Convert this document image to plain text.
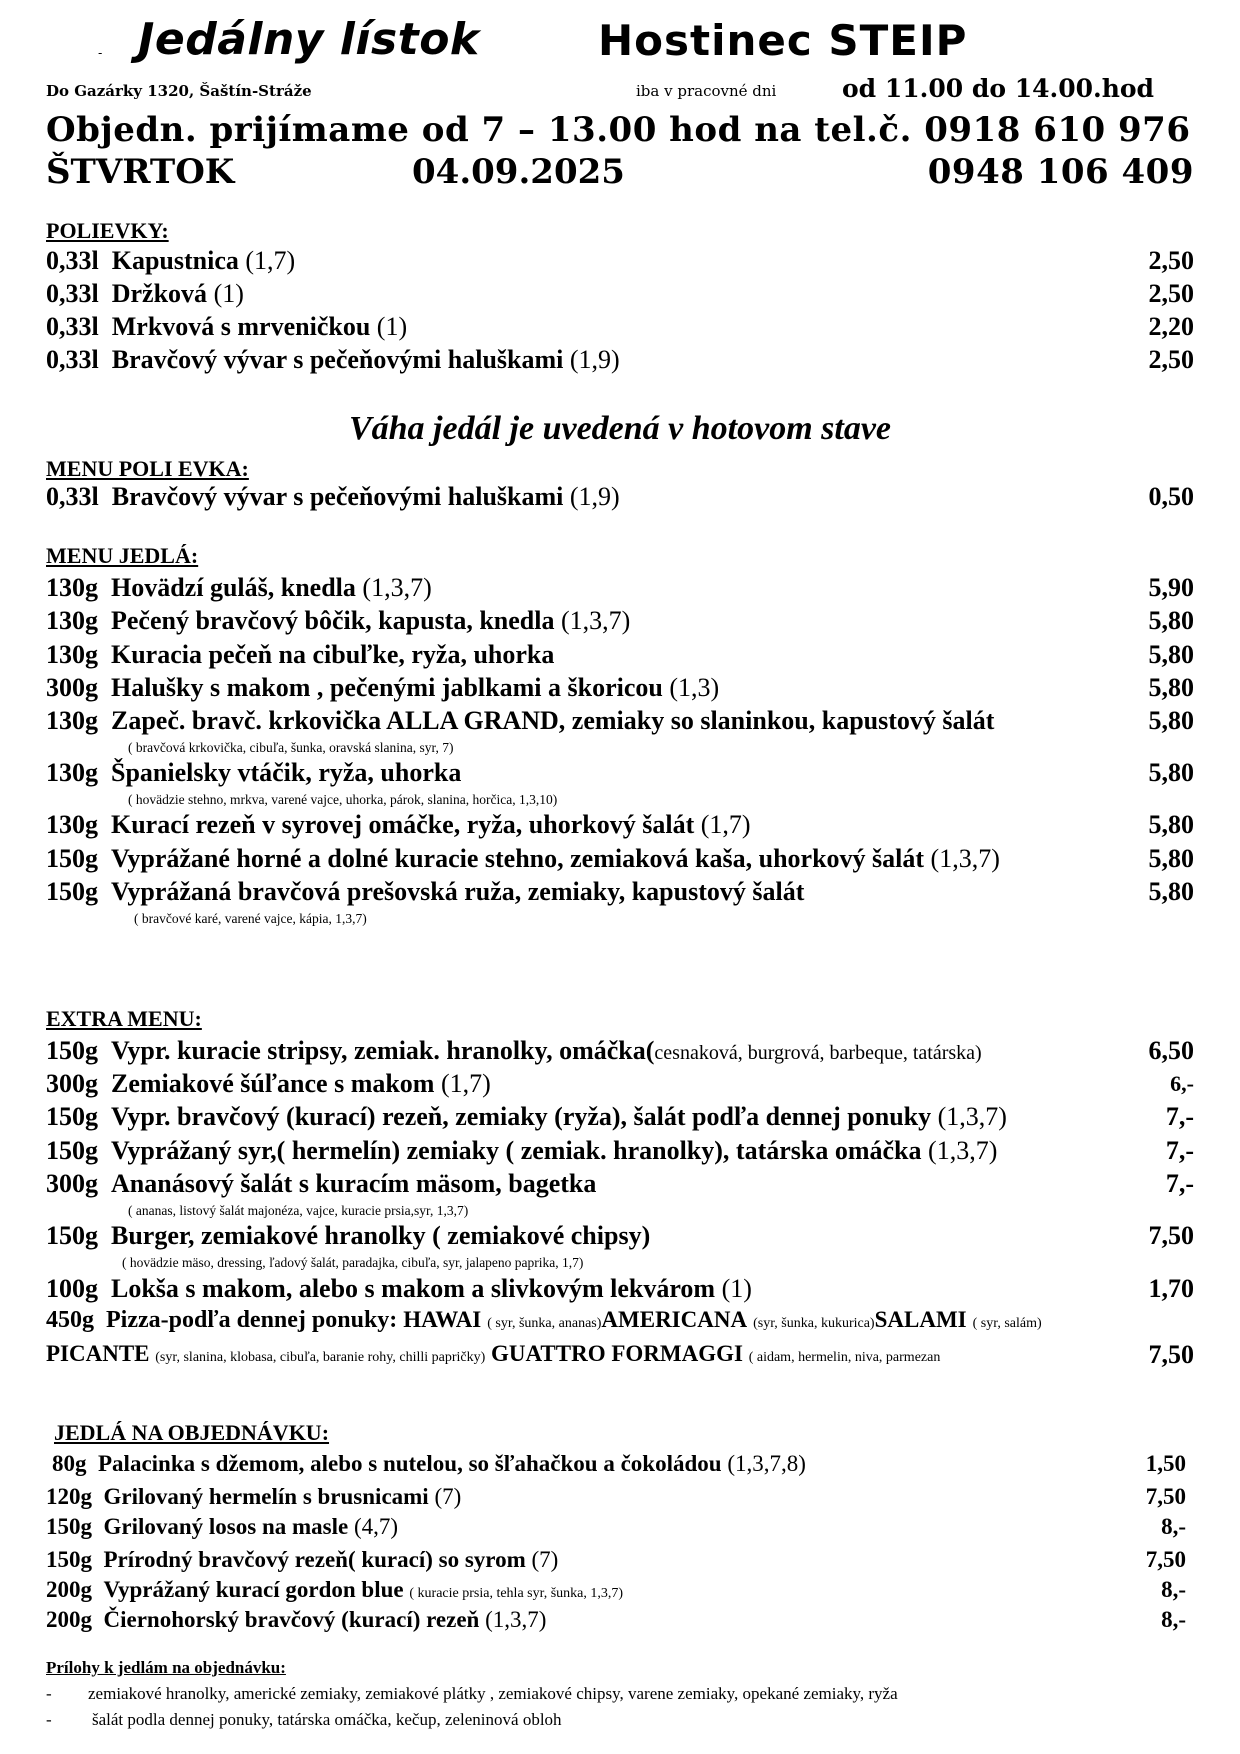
- Jedálny lístok	Hostinec STEIP
Do Gazárky 1320, Šaštín-Stráže	iba v pracovné dni	od 11.00 do 14.00.hod
Objedn. prijímame od 7 – 13.00 hod na tel.č. 0918 610 976
ŠTVRTOK	04.09.2025	0948 106 409
POLIEVKY:
0,33l Kapustnica (1,7)	2,50
0,33l Držková (1)	2,50
0,33l Mrkvová s mrveničkou (1)	2,20
0,33l Bravčový vývar s pečeňovými haluškami (1,9)	2,50
Váha jedál je uvedená v hotovom stave
MENU POLI EVKA:
0,33l Bravčový vývar s pečeňovými haluškami (1,9)	0,50
MENU JEDLÁ:
130g Hovädzí guláš, knedla (1,3,7)	5,90
130g Pečený bravčový bôčik, kapusta, knedla (1,3,7)	5,80
130g Kuracia pečeň na cibuľke, ryža, uhorka	5,80
300g Halušky s makom , pečenými jablkami a škoricou (1,3)	5,80
130g Zapeč. bravč. krkovička ALLA GRAND, zemiaky so slaninkou, kapustový šalát	5,80
( bravčová krkovička, cibuľa, šunka, oravská slanina, syr, 7)
130g Španielsky vtáčik, ryža, uhorka	5,80
( hovädzie stehno, mrkva, varené vajce, uhorka, párok, slanina, horčica, 1,3,10)
130g Kurací rezeň v syrovej omáčke, ryža, uhorkový šalát (1,7)	5,80
150g Vyprážané horné a dolné kuracie stehno, zemiaková kaša, uhorkový šalát (1,3,7)	5,80
150g Vyprážaná bravčová prešovská ruža, zemiaky, kapustový šalát	5,80
( bravčové karé, varené vajce, kápia, 1,3,7)
EXTRA MENU:
150g Vypr. kuracie stripsy, zemiak. hranolky, omáčka(cesnaková, burgrová, barbeque, tatárska)	6,50
300g Zemiakové šúľance s makom (1,7)	6,-
150g Vypr. bravčový (kurací) rezeň, zemiaky (ryža), šalát podľa dennej ponuky (1,3,7)	7,-
150g Vyprážaný syr,( hermelín) zemiaky ( zemiak. hranolky), tatárska omáčka (1,3,7)	7,-
300g Ananásový šalát s kuracím mäsom, bagetka	7,-
( ananas, listový šalát majonéza, vajce, kuracie prsia,syr, 1,3,7)
150g Burger, zemiakové hranolky ( zemiakové chipsy)	7,50
( hovädzie mäso, dressing, ľadový šalát, paradajka, cibuľa, syr, jalapeno paprika, 1,7)
100g Lokša s makom, alebo s makom a slivkovým lekvárom (1)	1,70
450g Pizza-podľa dennej ponuky: HAWAI ( syr, šunka, ananas)AMERICANA (syr, šunka, kukurica)SALAMI ( syr, salám)
PICANTE (syr, slanina, klobasa, cibuľa, baranie rohy, chilli papričky) GUATTRO FORMAGGI ( aidam, hermelin, niva, parmezan	7,50
JEDLÁ NA OBJEDNÁVKU:
80g Palacinka s džemom, alebo s nutelou, so šľahačkou a čokoládou (1,3,7,8)	1,50
120g Grilovaný hermelín s brusnicami (7)	7,50
150g Grilovaný losos na masle (4,7)	8,-
150g Prírodný bravčový rezeň( kurací) so syrom (7)	7,50
200g Vyprážaný kurací gordon blue ( kuracie prsia, tehla syr, šunka, 1,3,7)	8,-
200g Čiernohorský bravčový (kurací) rezeň (1,3,7)	8,-
Prílohy k jedlám na objednávku:
- zemiakové hranolky, americké zemiaky, zemiakové plátky , zemiakové chipsy, varene zemiaky, opekané zemiaky, ryža
- šalát podla dennej ponuky, tatárska omáčka, kečup, zeleninová obloh
